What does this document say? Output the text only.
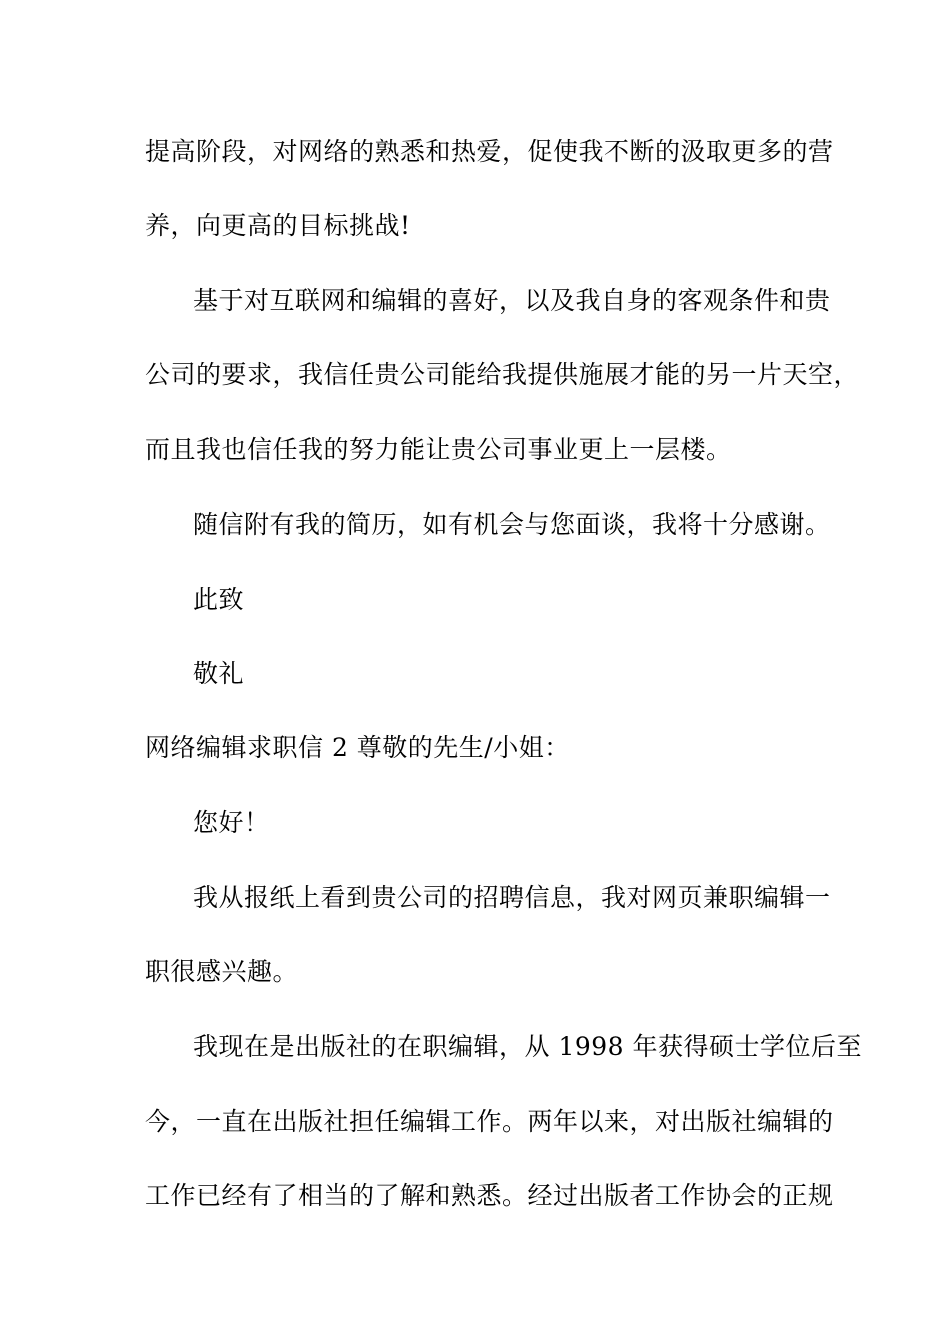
提高阶段，对网络的熟悉和热爱，促使我不断的汲取更多的营
养，向更高的目标挑战!
基于对互联网和编辑的喜好，以及我自身的客观条件和贵
公司的要求，我信任贵公司能给我提供施展才能的另一片天空，
而且我也信任我的努力能让贵公司事业更上一层楼。
随信附有我的简历，如有机会与您面谈，我将十分感谢。
此致
敬礼
网络编辑求职信 2 尊敬的先生/小姐：
您好！
我从报纸上看到贵公司的招聘信息，我对网页兼职编辑一
职很感兴趣。
我现在是出版社的在职编辑，从 1998 年获得硕士学位后至
今，一直在出版社担任编辑工作。两年以来，对出版社编辑的
工作已经有了相当的了解和熟悉。经过出版者工作协会的正规
